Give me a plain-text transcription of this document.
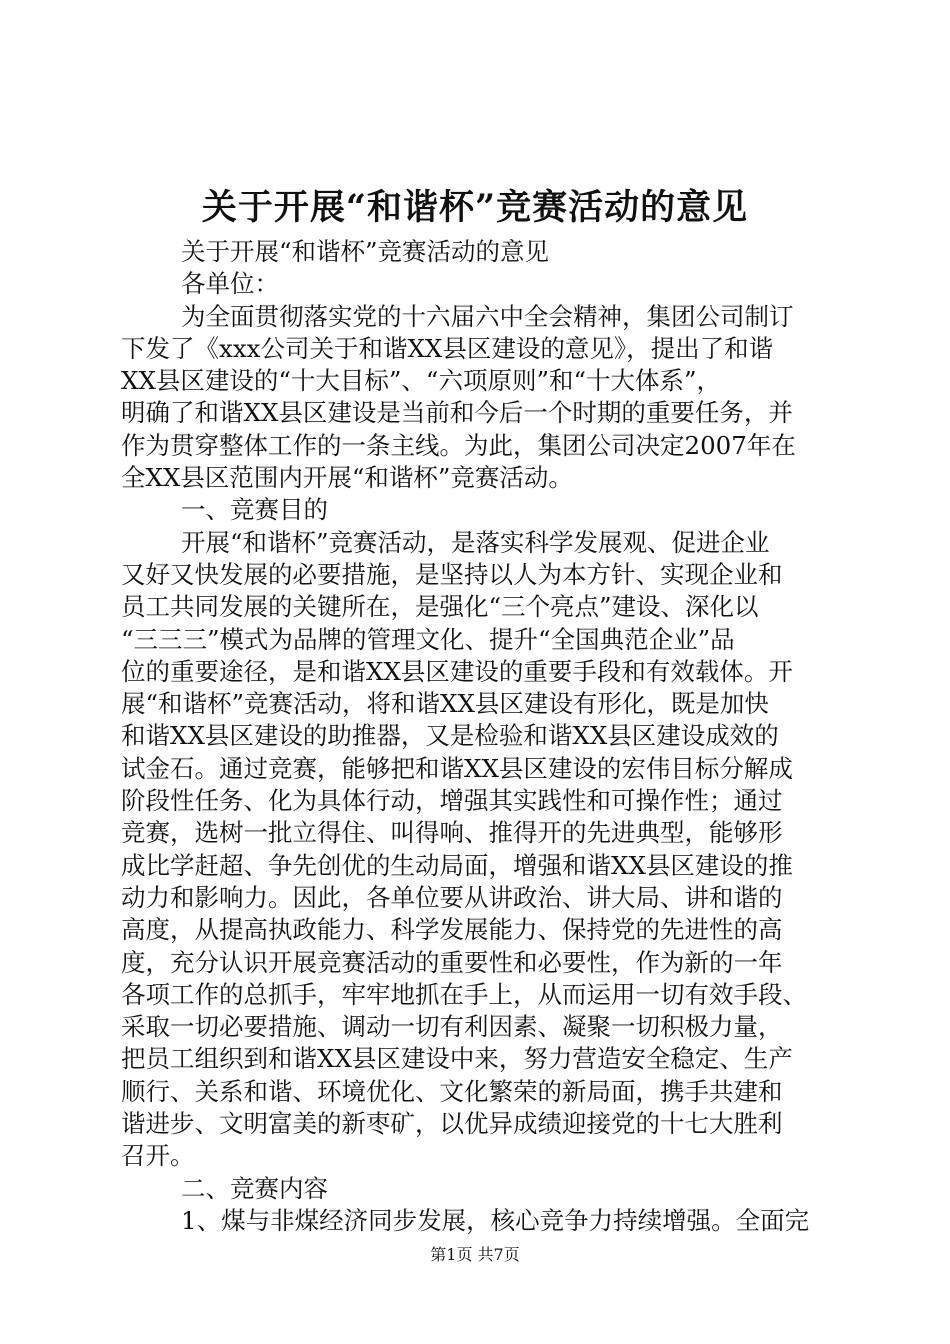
关于开展“和谐杯”竞赛活动的意见
关于开展“和谐杯”竞赛活动的意见
各单位：
为全面贯彻落实党的十六届六中全会精神，集团公司制订
下发了《xxx公司关于和谐XX县区建设的意见》，提出了和谐
XX县区建设的“十大目标”、“六项原则”和“十大体系”，
明确了和谐XX县区建设是当前和今后一个时期的重要任务，并
作为贯穿整体工作的一条主线。为此，集团公司决定2007年在
全XX县区范围内开展“和谐杯”竞赛活动。
一、竞赛目的
开展“和谐杯”竞赛活动，是落实科学发展观、促进企业
又好又快发展的必要措施，是坚持以人为本方针、实现企业和
员工共同发展的关键所在，是强化“三个亮点”建设、深化以
“三三三”模式为品牌的管理文化、提升“全国典范企业”品
位的重要途径，是和谐XX县区建设的重要手段和有效载体。开
展“和谐杯”竞赛活动，将和谐XX县区建设有形化，既是加快
和谐XX县区建设的助推器，又是检验和谐XX县区建设成效的
试金石。通过竞赛，能够把和谐XX县区建设的宏伟目标分解成
阶段性任务、化为具体行动，增强其实践性和可操作性；通过
竞赛，选树一批立得住、叫得响、推得开的先进典型，能够形
成比学赶超、争先创优的生动局面，增强和谐XX县区建设的推
动力和影响力。因此，各单位要从讲政治、讲大局、讲和谐的
高度，从提高执政能力、科学发展能力、保持党的先进性的高
度，充分认识开展竞赛活动的重要性和必要性，作为新的一年
各项工作的总抓手，牢牢地抓在手上，从而运用一切有效手段、
采取一切必要措施、调动一切有利因素、凝聚一切积极力量，
把员工组织到和谐XX县区建设中来，努力营造安全稳定、生产
顺行、关系和谐、环境优化、文化繁荣的新局面，携手共建和
谐进步、文明富美的新枣矿，以优异成绩迎接党的十七大胜利
召开。
二、竞赛内容
1、煤与非煤经济同步发展，核心竞争力持续增强。全面完
第1页 共7页
